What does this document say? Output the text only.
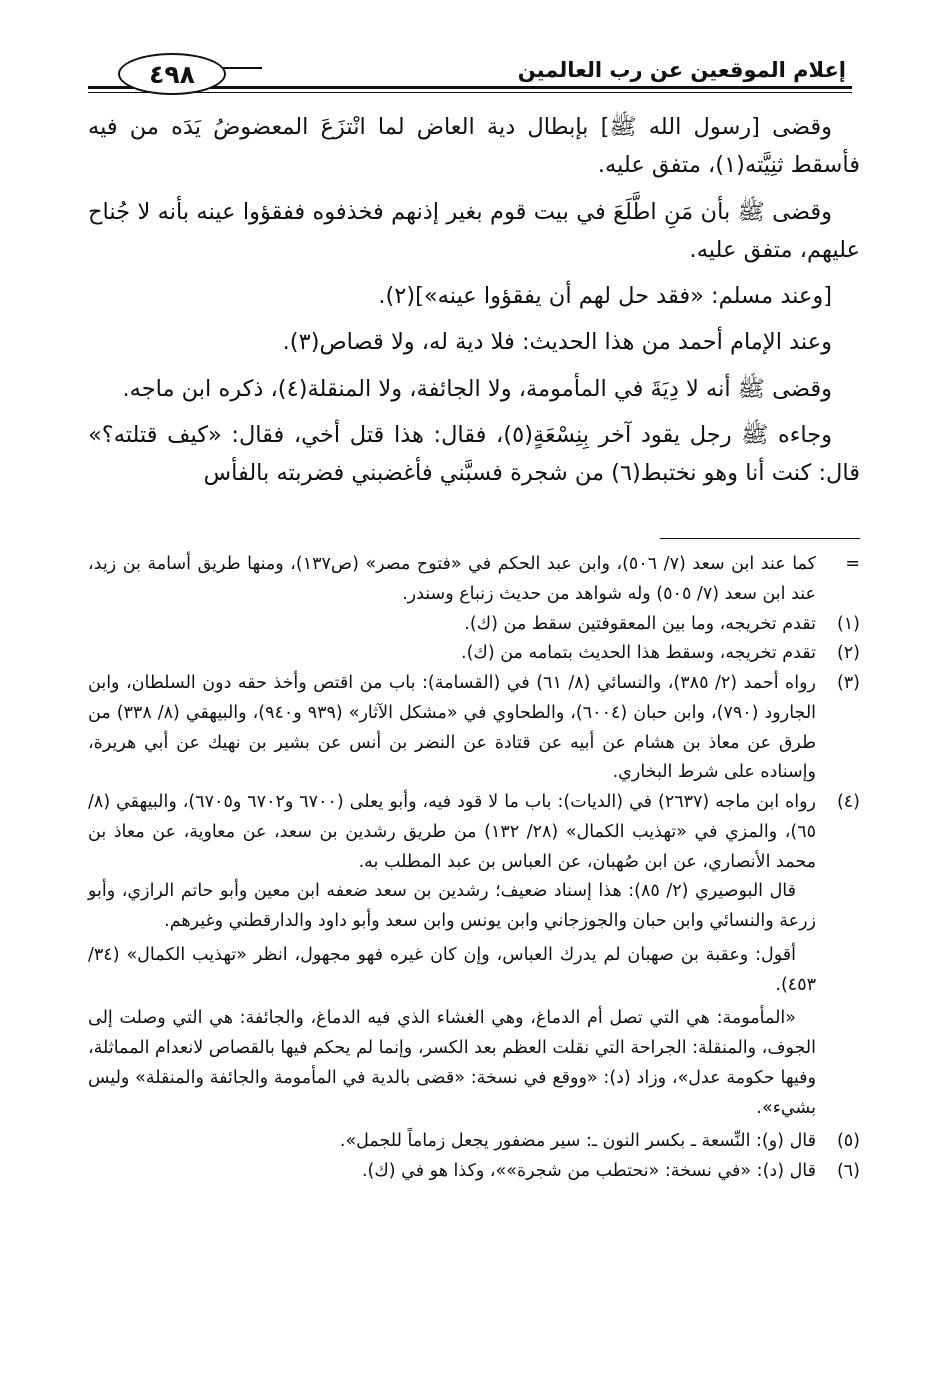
إعلام الموقعين عن رب العالمين
٤٩٨

وقضى [رسول الله ﷺ] بإبطال دية العاض لما انْتزَعَ المعضوضُ يَدَه من فيه فأسقط ثنِيَّته(١)، متفق عليه.

وقضى ﷺ بأن مَنِ اطَّلَعَ في بيت قوم بغير إذنهم فخذفوه ففقؤوا عينه بأنه لا جُناح عليهم، متفق عليه.

[وعند مسلم: «فقد حل لهم أن يفقؤوا عينه»](٢).

وعند الإمام أحمد من هذا الحديث: فلا دية له، ولا قصاص(٣).

وقضى ﷺ أنه لا دِيَةَ في المأمومة، ولا الجائفة، ولا المنقلة(٤)، ذكره ابن ماجه.

وجاءه ﷺ رجل يقود آخر بِنِسْعَةٍ(٥)، فقال: هذا قتل أخي، فقال: «كيف قتلته؟» قال: كنت أنا وهو نختبط(٦) من شجرة فسبَّني فأغضبني فضربته بالفأس

=
كما عند ابن سعد (٧/ ٥٠٦)، وابن عبد الحكم في «فتوح مصر» (ص١٣٧)، ومنها طريق أسامة بن زيد، عند ابن سعد (٧/ ٥٠٥) وله شواهد من حديث زنباع وسندر.
(١)
تقدم تخريجه، وما بين المعقوفتين سقط من (ك).
(٢)
تقدم تخريجه، وسقط هذا الحديث بتمامه من (ك).
(٣)
رواه أحمد (٢/ ٣٨٥)، والنسائي (٨/ ٦١) في (القسامة): باب من اقتص وأخذ حقه دون السلطان، وابن الجارود (٧٩٠)، وابن حبان (٦٠٠٤)، والطحاوي في «مشكل الآثار» (٩٣٩ و٩٤٠)، والبيهقي (٨/ ٣٣٨) من طرق عن معاذ بن هشام عن أبيه عن قتادة عن النضر بن أنس عن بشير بن نهيك عن أبي هريرة، وإسناده على شرط البخاري.
(٤)
رواه ابن ماجه (٢٦٣٧) في (الديات): باب ما لا قود فيه، وأبو يعلى (٦٧٠٠ و٦٧٠٢ و٦٧٠٥)، والبيهقي (٨/ ٦٥)، والمزي في «تهذيب الكمال» (٢٨/ ١٣٢) من طريق رشدين بن سعد، عن معاوية، عن معاذ بن محمد الأنصاري، عن ابن صُهبان، عن العباس بن عبد المطلب به.

قال البوصيري (٢/ ٨٥): هذا إسناد ضعيف؛ رشدين بن سعد ضعفه ابن معين وأبو حاتم الرازي، وأبو زرعة والنسائي وابن حبان والجوزجاني وابن يونس وابن سعد وأبو داود والدارقطني وغيرهم.

أقول: وعقبة بن صهبان لم يدرك العباس، وإن كان غيره فهو مجهول، انظر «تهذيب الكمال» (٣٤/ ٤٥٣).

«المأمومة: هي التي تصل أم الدماغ، وهي الغشاء الذي فيه الدماغ، والجائفة: هي التي وصلت إلى الجوف، والمنقلة: الجراحة التي نقلت العظم بعد الكسر، وإنما لم يحكم فيها بالقصاص لانعدام المماثلة، وفيها حكومة عدل»، وزاد (د): «ووقع في نسخة: «قضى بالدية في المأمومة والجائفة والمنقلة» وليس بشيء».

(٥)
قال (و): النِّسعة ـ بكسر النون ـ: سير مضفور يجعل زماماً للجمل».
(٦)
قال (د): «في نسخة: «نحتطب من شجرة»»، وكذا هو في (ك).
